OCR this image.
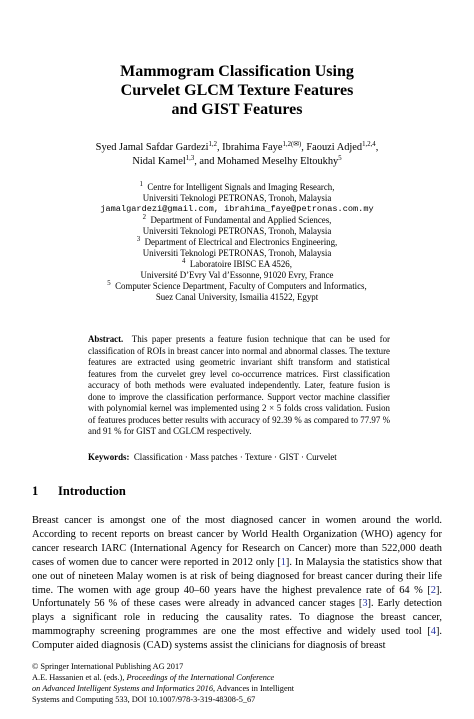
Mammogram Classification Using
Curvelet GLCM Texture Features
and GIST Features
Syed Jamal Safdar Gardezi$^{1,2}$, Ibrahima Faye$^{1,2(✉)}$, Faouzi Adjed$^{1,2,4}$,
Nidal Kamel$^{1,3}$, and Mohamed Meselhy Eltoukhy$^5$
$^1$ Centre for Intelligent Signals and Imaging Research,
Universiti Teknologi PETRONAS, Tronoh, Malaysia
jamalgardezi@gmail.com, ibrahima_faye@petronas.com.my
$^2$ Department of Fundamental and Applied Sciences,
Universiti Teknologi PETRONAS, Tronoh, Malaysia
$^3$ Department of Electrical and Electronics Engineering,
Universiti Teknologi PETRONAS, Tronoh, Malaysia
$^4$ Laboratoire IBISC EA 4526,
Université D’Evry Val d’Essonne, 91020 Evry, France
$^5$ Computer Science Department, Faculty of Computers and Informatics,
Suez Canal University, Ismailia 41522, Egypt

Abstract. This paper presents a feature fusion technique that can be used for classification of ROIs in breast cancer into normal and abnormal classes. The texture features are extracted using geometric invariant shift transform and statistical features from the curvelet grey level co-occurrence matrices. First classification accuracy of both methods were evaluated independently. Later, feature fusion is done to improve the classification performance. Support vector machine classifier with polynomial kernel was implemented using 2 × 5 folds cross validation. Fusion of features produces better results with accuracy of 92.39 % as compared to 77.97 % and 91 % for GIST and CGLCM respectively.

Keywords: Classification · Mass patches · Texture · GIST · Curvelet
1 Introduction

Breast cancer is amongst one of the most diagnosed cancer in women around the world. According to recent reports on breast cancer by World Health Organization (WHO) agency for cancer research IARC (International Agency for Research on Cancer) more than 522,000 death cases of women due to cancer were reported in 2012 only [1]. In Malaysia the statistics show that one out of nineteen Malay women is at risk of being diagnosed for breast cancer during their life time. The women with age group 40–60 years have the highest prevalence rate of 64 % [2]. Unfortunately 56 % of these cases were already in advanced cancer stages [3]. Early detection plays a significant role in reducing the causality rates. To diagnose the breast cancer, mammography screening programmes are one the most effective and widely used tool [4]. Computer aided diagnosis (CAD) systems assist the clinicians for diagnosis of breast

© Springer International Publishing AG 2017
A.E. Hassanien et al. (eds.), Proceedings of the International Conference
on Advanced Intelligent Systems and Informatics 2016, Advances in Intelligent
Systems and Computing 533, DOI 10.1007/978-3-319-48308-5_67
